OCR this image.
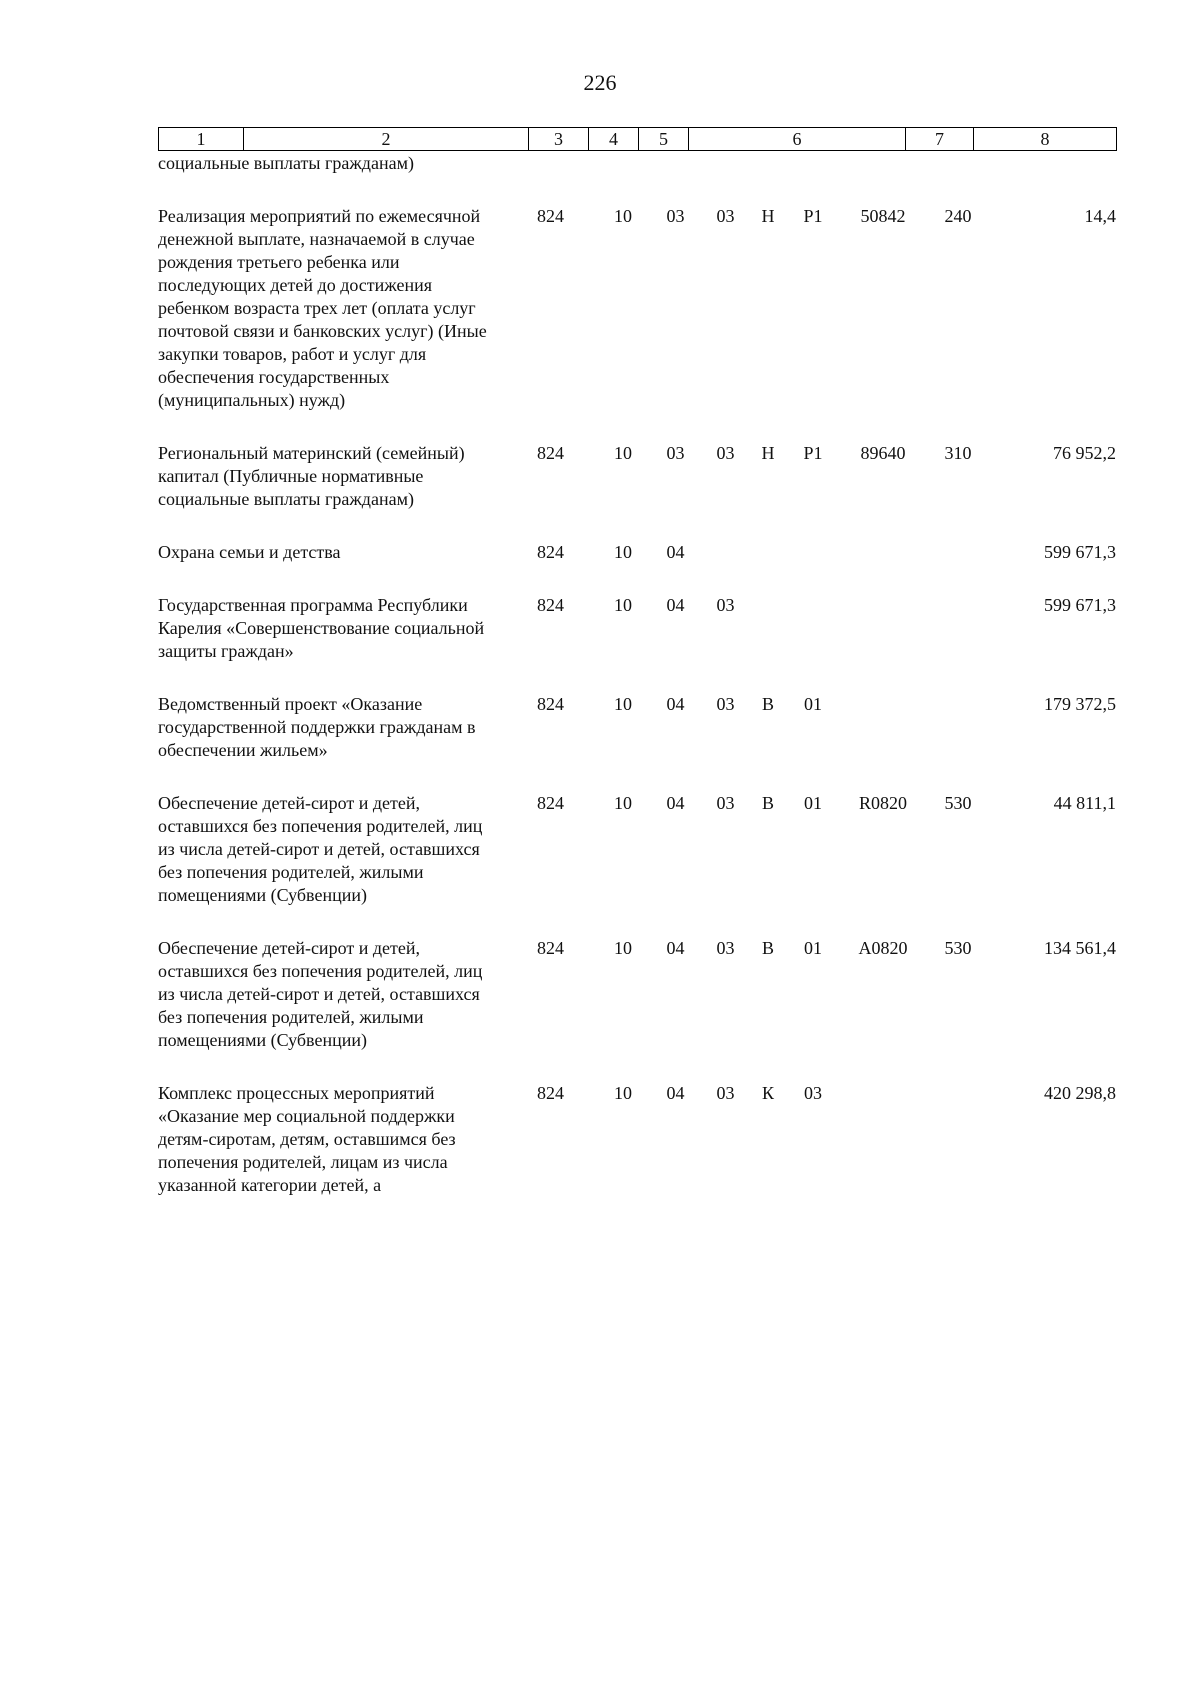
226
1	2	3	4	5	6	7	8
социальные выплаты гражданам)									

Реализация мероприятий по ежемесячной денежной выплате, назначаемой в случае рождения третьего ребенка или последующих детей до достижения ребенком возраста трех лет (оплата услуг почтовой связи и банковских услуг) (Иные закупки товаров, работ и услуг для обеспечения государственных (муниципальных) нужд)	824	10	03	03	Н	Р1	50842	240	14,4

Региональный материнский (семейный) капитал (Публичные нормативные социальные выплаты гражданам)	824	10	03	03	Н	Р1	89640	310	76 952,2

Охрана семьи и детства	824	10	04						599 671,3

Государственная программа Республики Карелия «Совершенствование социальной защиты граждан»	824	10	04	03					599 671,3

Ведомственный проект «Оказание государственной поддержки гражданам в обеспечении жильем»	824	10	04	03	В	01			179 372,5

Обеспечение детей-сирот и детей, оставшихся без попечения родителей, лиц из числа детей-сирот и детей, оставшихся без попечения родителей, жилыми помещениями (Субвенции)	824	10	04	03	В	01	R0820	530	44 811,1

Обеспечение детей-сирот и детей, оставшихся без попечения родителей, лиц из числа детей-сирот и детей, оставшихся без попечения родителей, жилыми помещениями (Субвенции)	824	10	04	03	В	01	А0820	530	134 561,4

Комплекс процессных мероприятий «Оказание мер социальной поддержки детям-сиротам, детям, оставшимся без попечения родителей, лицам из числа указанной категории детей, а	824	10	04	03	К	03			420 298,8
